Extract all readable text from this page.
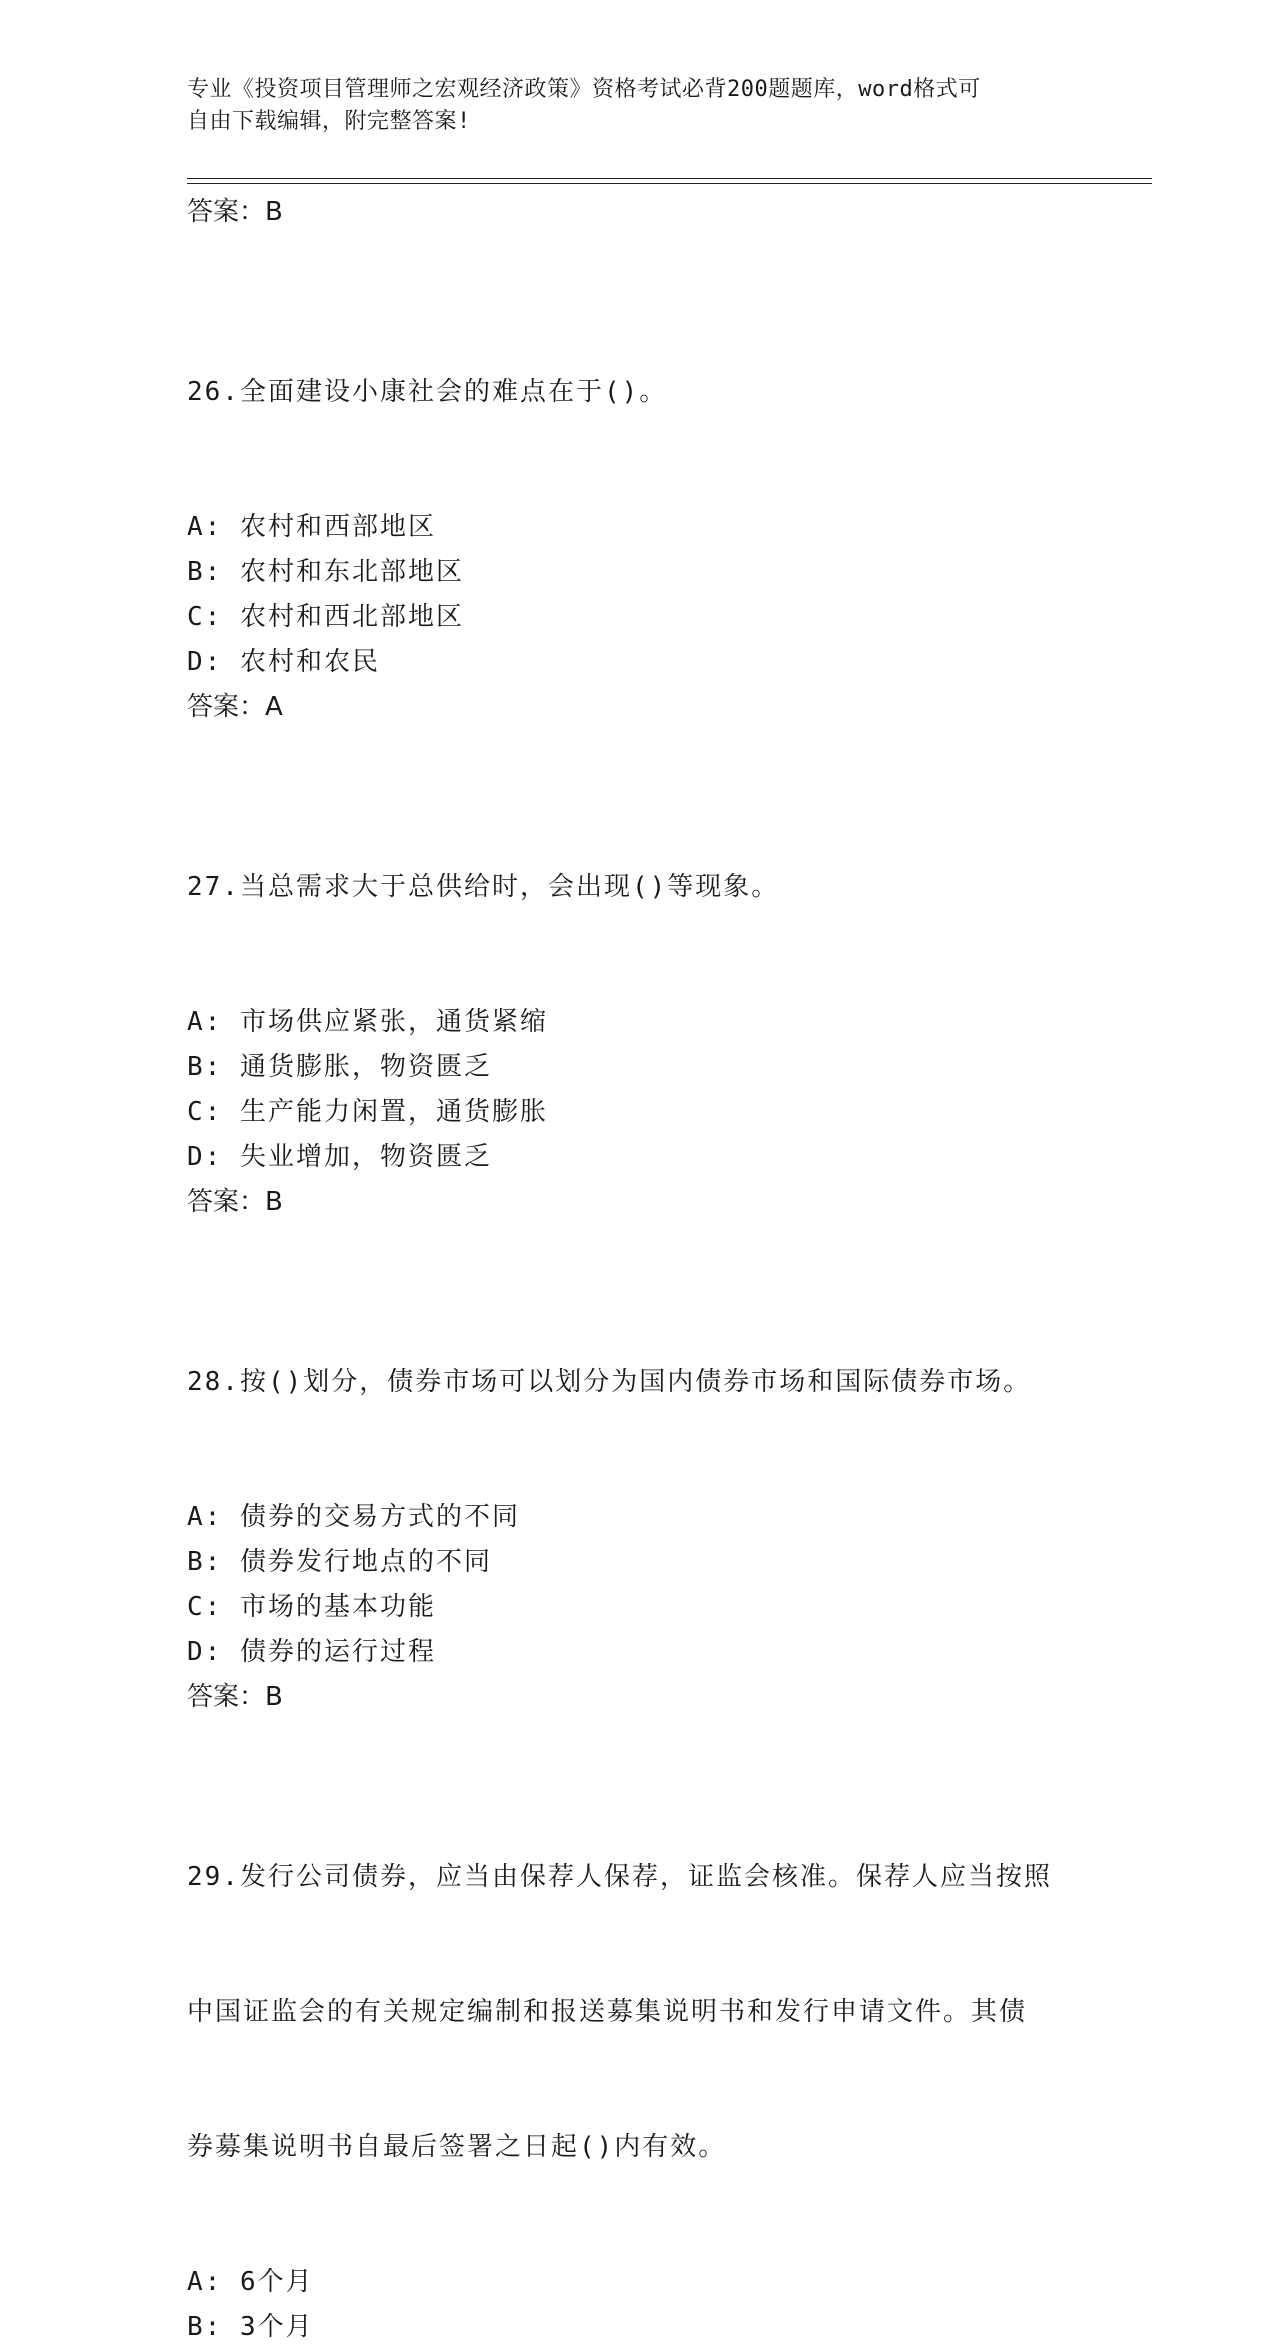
专业《投资项目管理师之宏观经济政策》资格考试必背200题题库，word格式可
自由下载编辑，附完整答案!
答案：B

26.全面建设小康社会的难点在于()。

A: 农村和西部地区
B: 农村和东北部地区
C: 农村和西北部地区
D: 农村和农民
答案：A

27.当总需求大于总供给时，会出现()等现象。

A: 市场供应紧张，通货紧缩
B: 通货膨胀，物资匮乏
C: 生产能力闲置，通货膨胀
D: 失业增加，物资匮乏
答案：B

28.按()划分，债券市场可以划分为国内债券市场和国际债券市场。

A: 债券的交易方式的不同
B: 债券发行地点的不同
C: 市场的基本功能
D: 债券的运行过程
答案：B

29.发行公司债券，应当由保荐人保荐，证监会核准。保荐人应当按照

中国证监会的有关规定编制和报送募集说明书和发行申请文件。其债

券募集说明书自最后签署之日起()内有效。

A: 6个月
B: 3个月
